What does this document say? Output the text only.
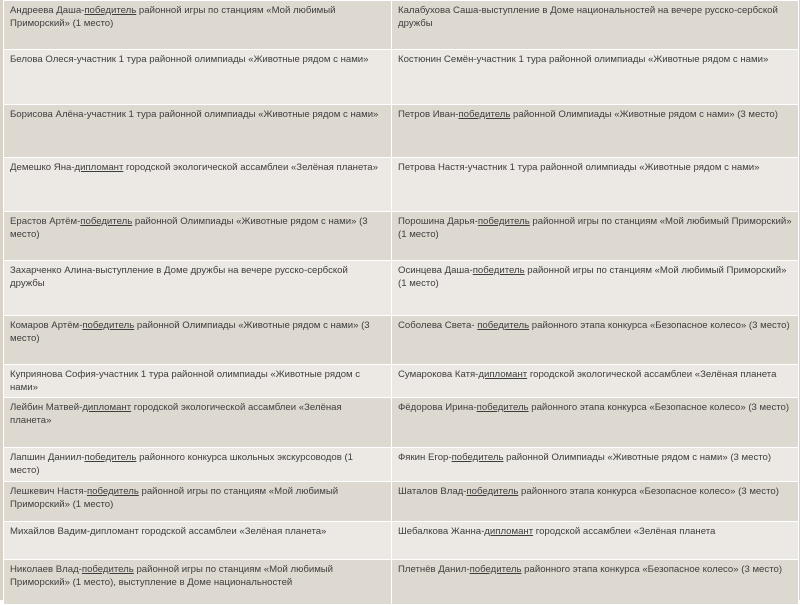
Андреева Даша-победитель районной игры по станциям «Мой любимый Приморский» (1 место)	Калабухова Саша-выступление в Доме национальностей на вечере русско-сербской дружбы
Белова Олеся-участник 1 тура районной олимпиады «Животные рядом с нами»	Костюнин Семён-участник 1 тура районной олимпиады «Животные рядом с нами»
Борисова Алёна-участник 1 тура районной олимпиады «Животные рядом с нами»	Петров Иван-победитель районной Олимпиады «Животные рядом с нами» (3 место)
Демешко Яна-дипломант городской экологической ассамблеи «Зелёная планета»	Петрова Настя-участник 1 тура районной олимпиады «Животные рядом с нами»
Ерастов Артём-победитель районной Олимпиады «Животные рядом с нами» (3 место)	Порошина Дарья-победитель районной игры по станциям «Мой любимый Приморский» (1 место)
Захарченко Алина-выступление в Доме дружбы на вечере русско-сербской дружбы	Осинцева Даша-победитель районной игры по станциям «Мой любимый Приморский» (1 место)
Комаров Артём-победитель районной Олимпиады «Животные рядом с нами» (3 место)	Соболева Света- победитель районного этапа конкурса «Безопасное колесо» (3 место)
Куприянова София-участник 1 тура районной олимпиады «Животные рядом с нами»	Сумарокова Катя-дипломант городской экологической ассамблеи «Зелёная планета
Лейбин Матвей-дипломант городской экологической ассамблеи «Зелёная планета»	Фёдорова Ирина-победитель районного этапа конкурса «Безопасное колесо» (3 место)
Лапшин Даниил-победитель районного конкурса школьных экскурсоводов (1 место)	Фякин Егор-победитель районной Олимпиады «Животные рядом с нами» (3 место)
Лешкевич Настя-победитель районной игры по станциям «Мой любимый Приморский» (1 место)	Шаталов Влад-победитель районного этапа конкурса «Безопасное колесо» (3 место)
Михайлов Вадим-дипломант городской ассамблеи «Зелёная планета»	Шебалкова Жанна-дипломант городской ассамблеи «Зелёная планета
Николаев Влад-победитель районной игры по станциям «Мой любимый Приморский» (1 место), выступление в Доме национальностей	Плетнёв Данил-победитель районного этапа конкурса «Безопасное колесо» (3 место)
